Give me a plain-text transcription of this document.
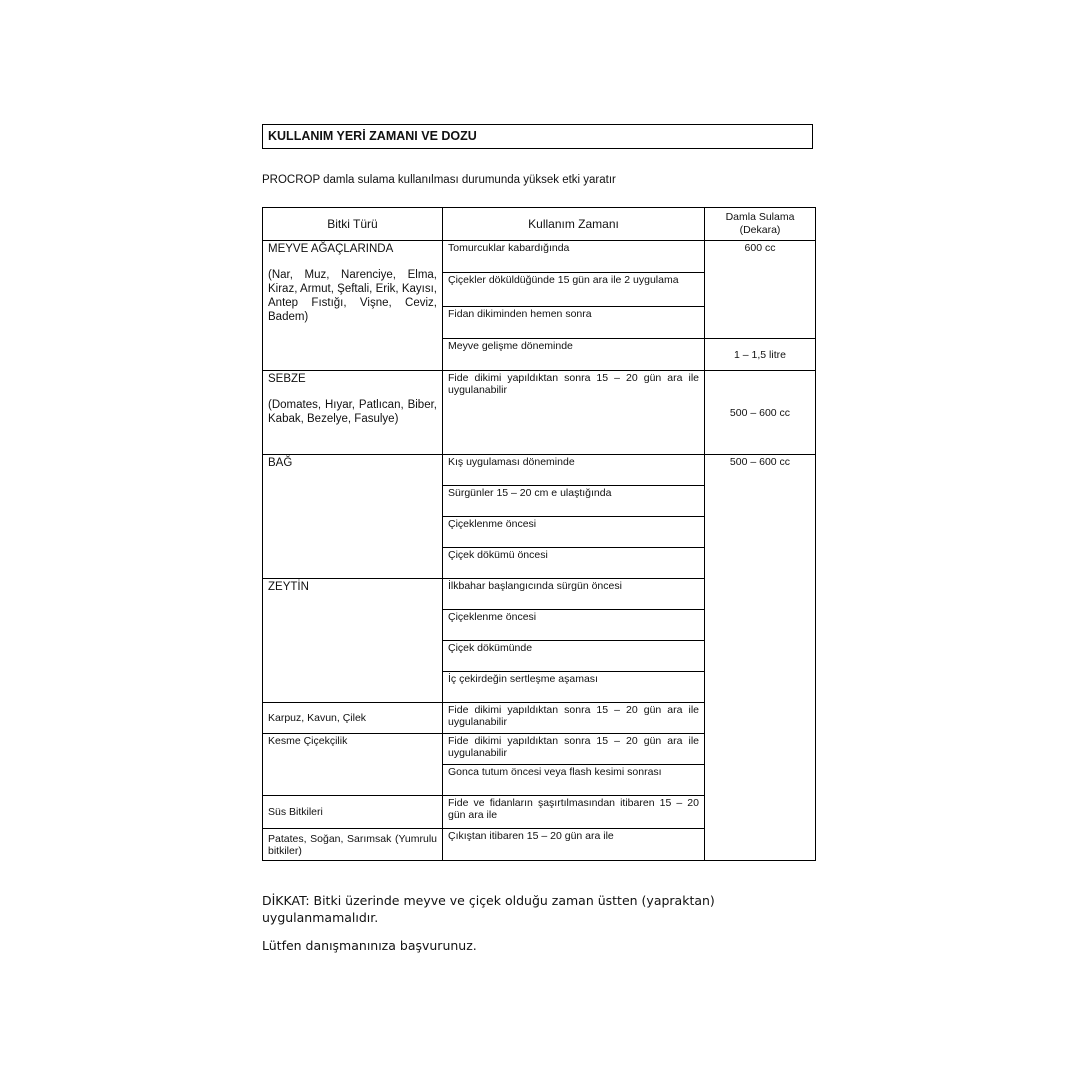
KULLANIM YERİ ZAMANI VE DOZU
PROCROP damla sulama kullanılması durumunda yüksek etki yaratır
Bitki Türü	Kullanım Zamanı	Damla Sulama (Dekara)

MEYVE AĞAÇLARINDA
(Nar, Muz, Narenciye, Elma, Kiraz, Armut, Şeftali, Erik, Kayısı, Antep Fıstığı, Vişne, Ceviz, Badem)	Tomurcuklar kabardığında	600 cc
	Çiçekler döküldüğünde 15 gün ara ile 2 uygulama	
	Fidan dikiminden hemen sonra	
	Meyve gelişme döneminde	1 – 1,5 litre

SEBZE
(Domates, Hıyar, Patlıcan, Biber, Kabak, Bezelye, Fasulye)	Fide dikimi yapıldıktan sonra 15 – 20 gün ara ile uygulanabilir	500 – 600 cc

BAĞ	Kış uygulaması döneminde	500 – 600 cc
	Sürgünler 15 – 20 cm e ulaştığında	
	Çiçeklenme öncesi	
	Çiçek dökümü öncesi	

ZEYTİN	İlkbahar başlangıcında sürgün öncesi	
	Çiçeklenme öncesi	
	Çiçek dökümünde	
	İç çekirdeğin sertleşme aşaması	
Karpuz, Kavun, Çilek	Fide dikimi yapıldıktan sonra 15 – 20 gün ara ile uygulanabilir	
Kesme Çiçekçilik	Fide dikimi yapıldıktan sonra 15 – 20 gün ara ile uygulanabilir	
	Gonca tutum öncesi veya flash kesimi sonrası	
Süs Bitkileri	Fide ve fidanların şaşırtılmasından itibaren 15 – 20 gün ara ile	
Patates, Soğan, Sarımsak (Yumrulu bitkiler)	Çıkıştan itibaren 15 – 20 gün ara ile	
DİKKAT: Bitki üzerinde meyve ve çiçek olduğu zaman üstten (yapraktan) uygulanmamalıdır.
Lütfen danışmanınıza başvurunuz.
